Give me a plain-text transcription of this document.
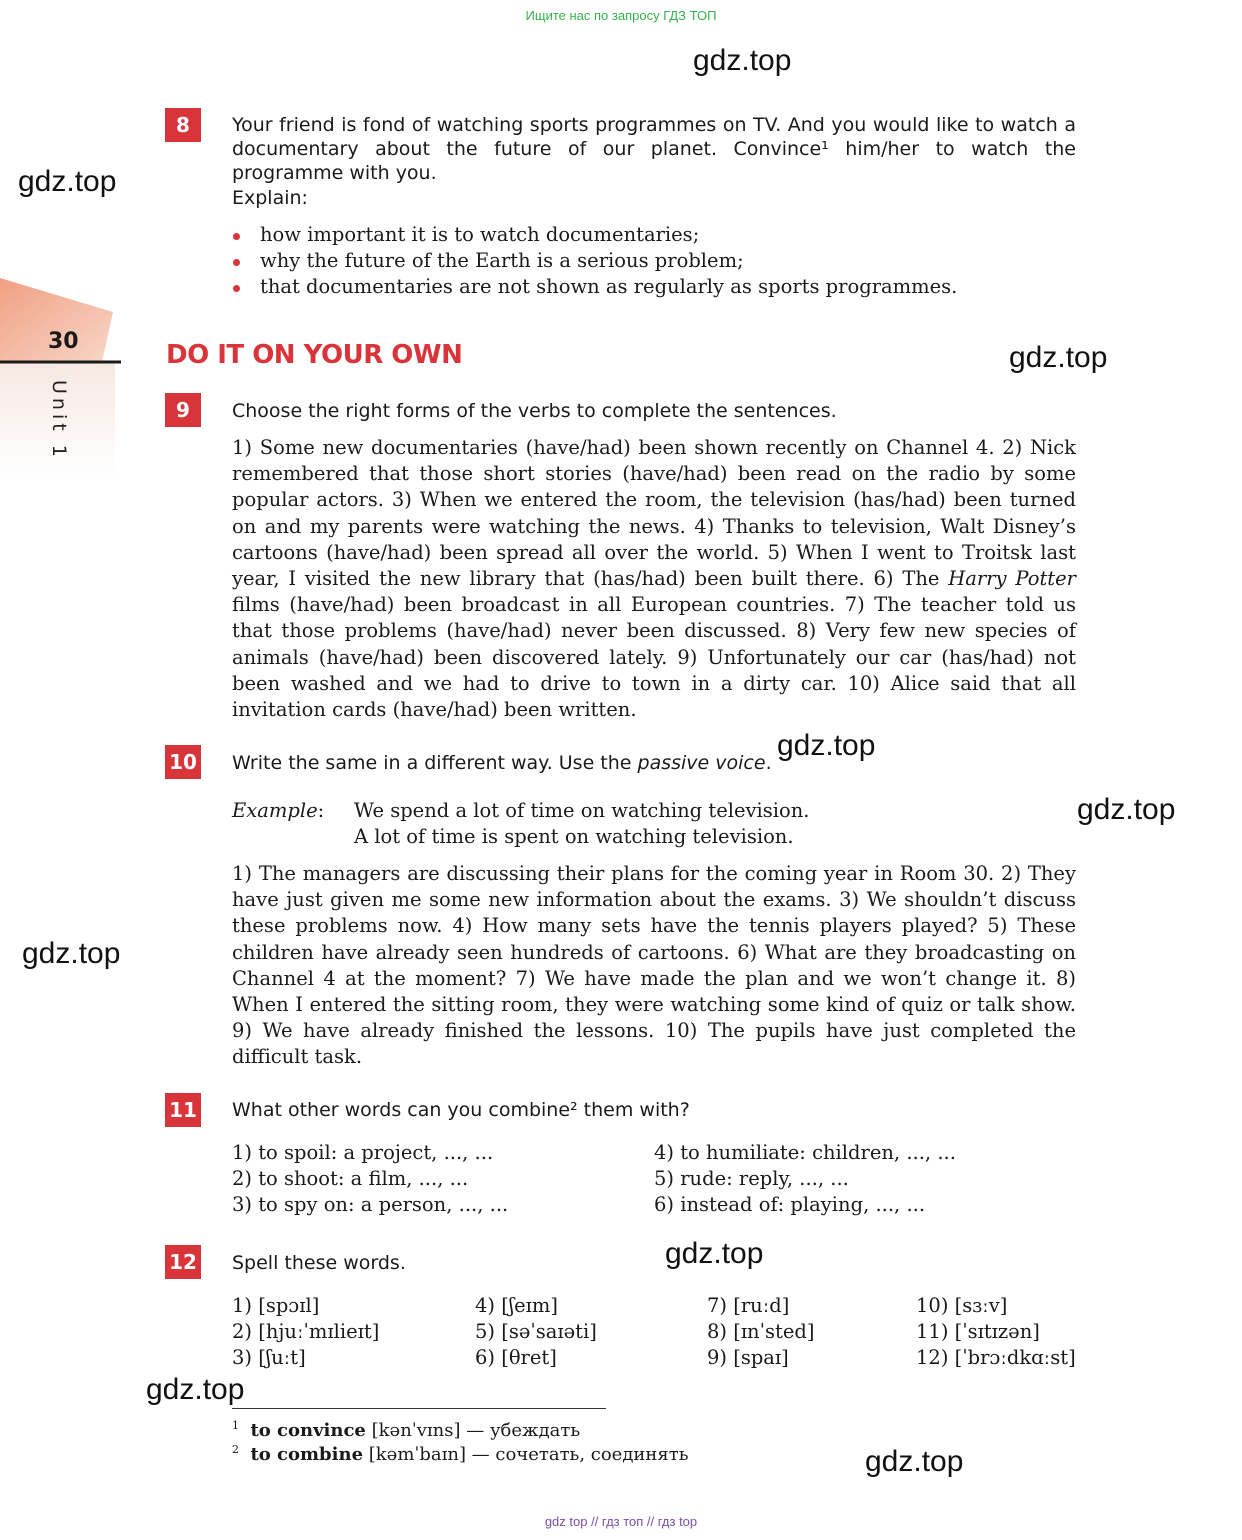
Ищите нас по запросу ГДЗ ТОП
30
Unit 1
gdz.top
gdz.top
gdz.top
gdz.top
gdz.top
gdz.top
gdz.top
gdz.top
gdz.top
8	Your friend is fond of watching sports programmes on TV. And you would like to watch a documentary about the future of our planet. Convince¹ him/her to watch the programme with you.
Explain:
how important it is to watch documentaries;
why the future of the Earth is a serious problem;
that documentaries are not shown as regularly as sports programmes.
DO IT ON YOUR OWN
9	Choose the right forms of the verbs to complete the sentences.
1) Some new documentaries (have/had) been shown recently on Channel 4. 2) Nick remembered that those short stories (have/had) been read on the radio by some popular actors. 3) When we entered the room, the television (has/had) been turned on and my parents were watching the news. 4) Thanks to television, Walt Disney’s cartoons (have/had) been spread all over the world. 5) When I went to Troitsk last year, I visited the new library that (has/had) been built there. 6) The Harry Potter films (have/had) been broadcast in all European countries. 7) The teacher told us that those problems (have/had) never been discussed. 8) Very few new species of animals (have/had) been discovered lately. 9) Unfortunately our car (has/had) not been washed and we had to drive to town in a dirty car. 10) Alice said that all invitation cards (have/had) been written.
10 Write the same in a different way. Use the passive voice.
Example: We spend a lot of time on watching television.
A lot of time is spent on watching television.
1) The managers are discussing their plans for the coming year in Room 30. 2) They have just given me some new information about the exams. 3) We shouldn’t discuss these problems now. 4) How many sets have the tennis players played? 5) These children have already seen hundreds of cartoons. 6) What are they broadcasting on Channel 4 at the moment? 7) We have made the plan and we won’t change it. 8) When I entered the sitting room, they were watching some kind of quiz or talk show. 9) We have already finished the lessons. 10) The pupils have just completed the difficult task.
11 What other words can you combine² them with?
1) to spoil: a project, ..., ...
2) to shoot: a film, ..., ...
3) to spy on: a person, ..., ...
4) to humiliate: children, ..., ...
5) rude: reply, ..., ...
6) instead of: playing, ..., ...
12 Spell these words.
1) [spɔɪl]
2) [hjuːˈmɪlieɪt]
3) [ʃuːt]
4) [ʃeɪm]
5) [səˈsaɪəti]
6) [θret]
7) [ruːd]
8) [ɪnˈsted]
9) [spaɪ]
10) [sɜːv]
11) [ˈsɪtɪzən]
12) [ˈbrɔːdkɑːst]
$^1$ to convince [kənˈvɪns] — убеждать
$^2$ to combine [kəmˈbaɪn] — сочетать, соединять
gdz top // гдз топ // гдз top
